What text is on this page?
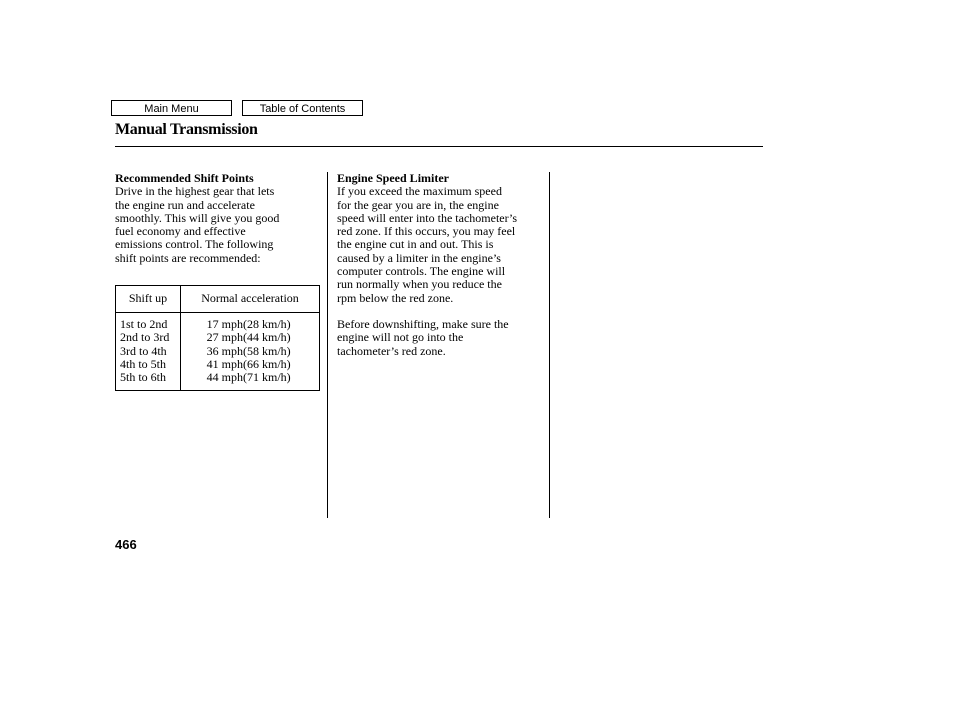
Main Menu	Table of Contents
Manual Transmission
Recommended Shift Points
Drive in the highest gear that lets
the engine run and accelerate
smoothly. This will give you good
fuel economy and effective
emissions control. The following
shift points are recommended:
Shift up	Normal acceleration
1st to 2nd	17 mph (28 km/h)
2nd to 3rd	27 mph (44 km/h)
3rd to 4th	36 mph (58 km/h)
4th to 5th	41 mph (66 km/h)
5th to 6th	44 mph (71 km/h)
Engine Speed Limiter
If you exceed the maximum speed
for the gear you are in, the engine
speed will enter into the tachometer’s
red zone. If this occurs, you may feel
the engine cut in and out. This is
caused by a limiter in the engine’s
computer controls. The engine will
run normally when you reduce the
rpm below the red zone.
Before downshifting, make sure the
engine will not go into the
tachometer’s red zone.
466
